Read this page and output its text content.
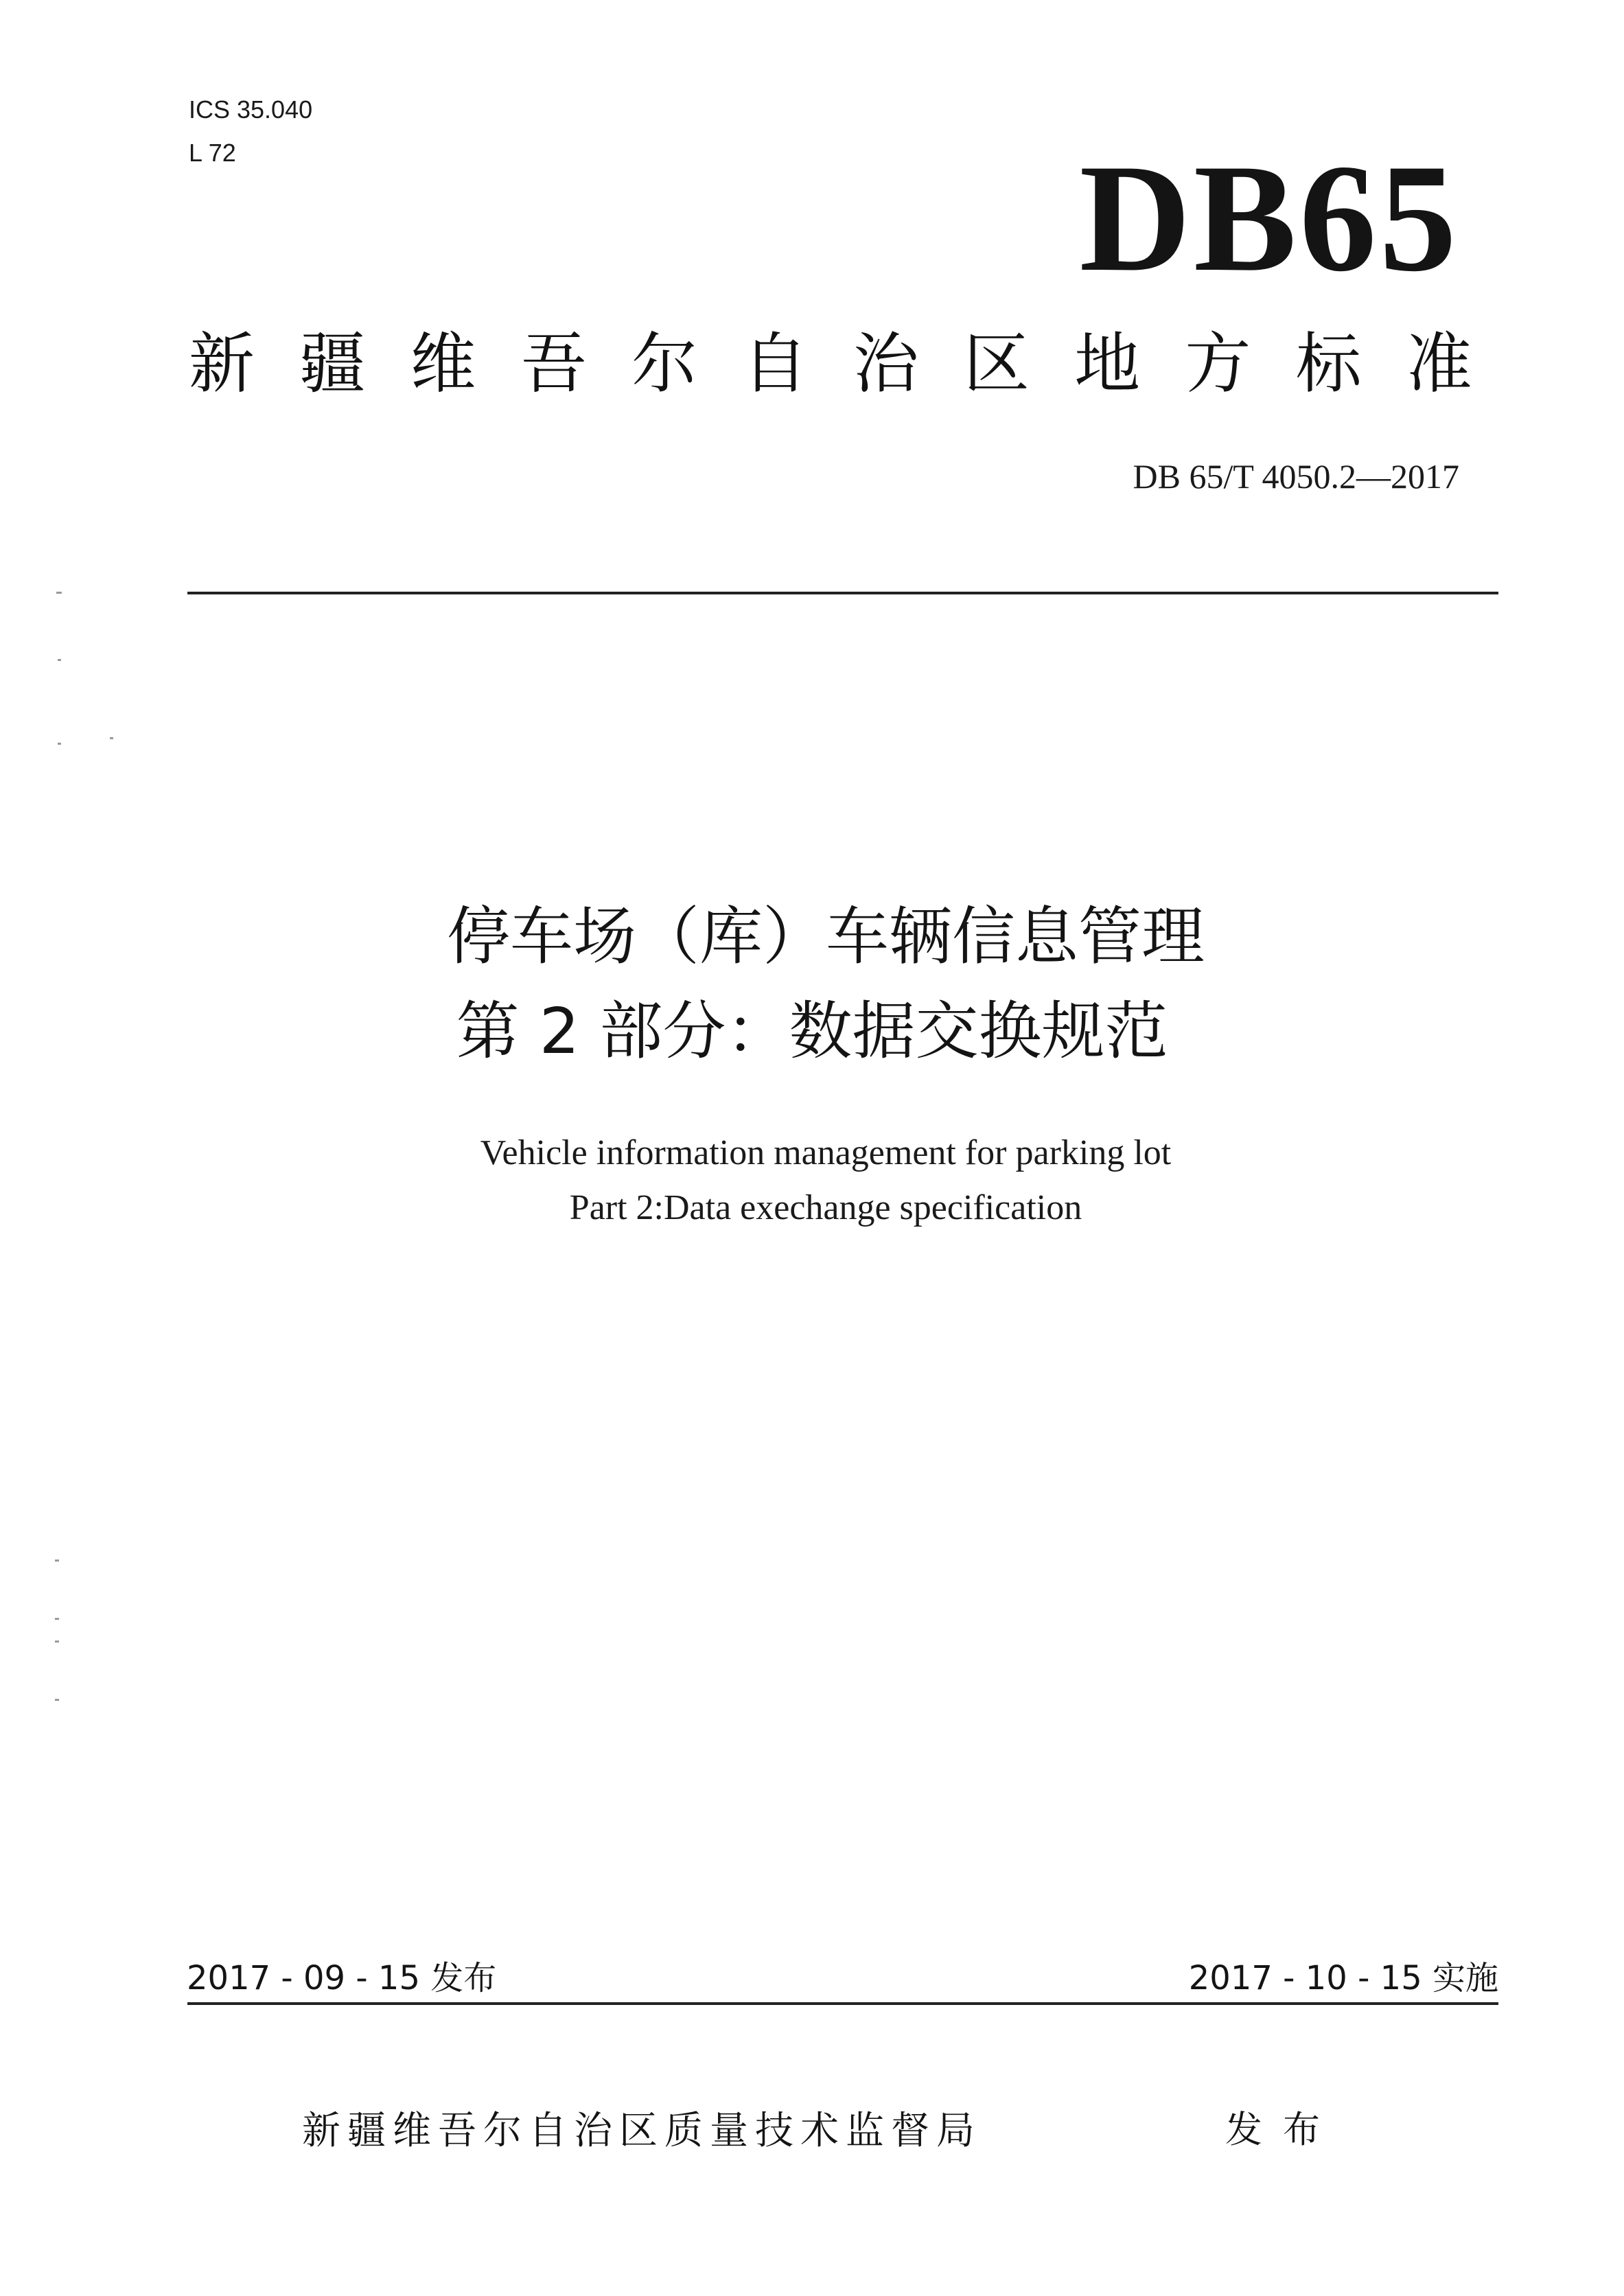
ICS 35.040
L 72	DB65
新 疆 维 吾 尔 自 治 区 地 方 标 准
DB 65/T 4050.2—2017
停车场（库）车辆信息管理
第 2 部分：数据交换规范
Vehicle information management for parking lot
Part 2:Data exechange specification
2017 - 09 - 15 发布	2017 - 10 - 15 实施
新疆维吾尔自治区质量技术监督局	发布
